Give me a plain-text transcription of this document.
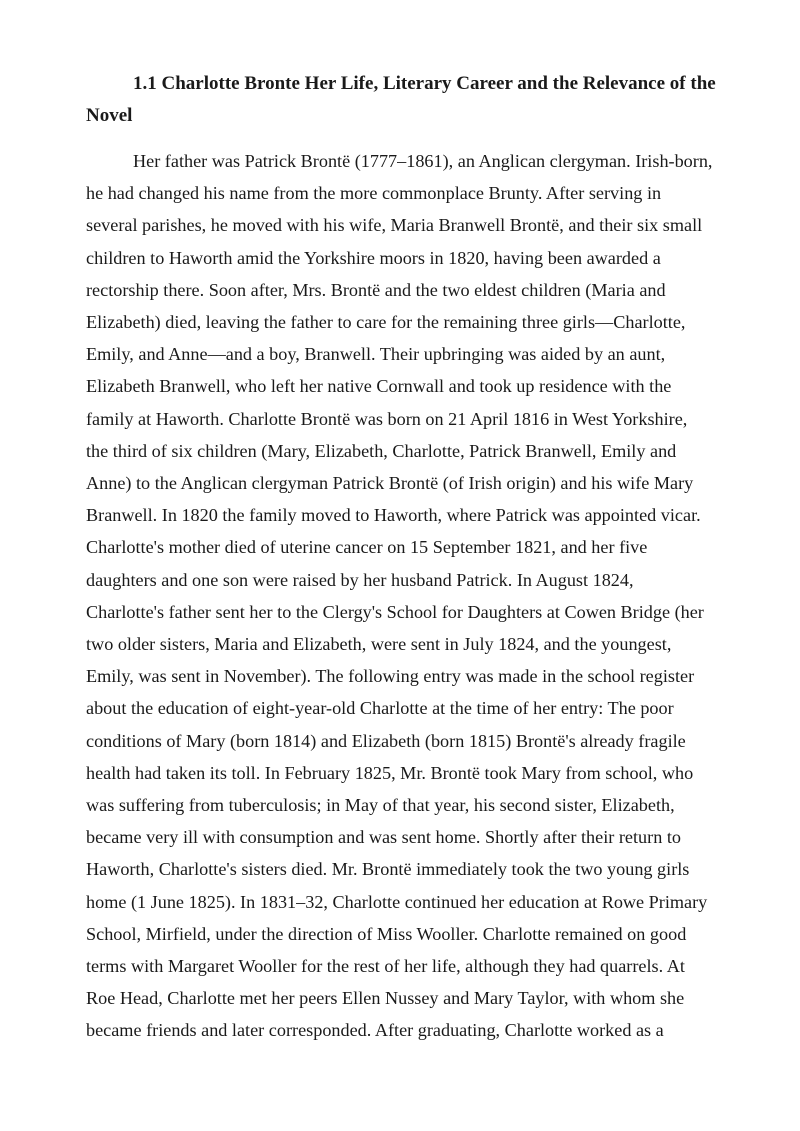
1.1 Charlotte Bronte Her Life, Literary Career and the Relevance of the
Novel

Her father was Patrick Brontë (1777–1861), an Anglican clergyman. Irish-born,
he had changed his name from the more commonplace Brunty. After serving in
several parishes, he moved with his wife, Maria Branwell Brontë, and their six small
children to Haworth amid the Yorkshire moors in 1820, having been awarded a
rectorship there. Soon after, Mrs. Brontë and the two eldest children (Maria and
Elizabeth) died, leaving the father to care for the remaining three girls—Charlotte,
Emily, and Anne—and a boy, Branwell. Their upbringing was aided by an aunt,
Elizabeth Branwell, who left her native Cornwall and took up residence with the
family at Haworth. Charlotte Brontë was born on 21 April 1816 in West Yorkshire,
the third of six children (Mary, Elizabeth, Charlotte, Patrick Branwell, Emily and
Anne) to the Anglican clergyman Patrick Brontë (of Irish origin) and his wife Mary
Branwell. In 1820 the family moved to Haworth, where Patrick was appointed vicar.
Charlotte's mother died of uterine cancer on 15 September 1821, and her five
daughters and one son were raised by her husband Patrick. In August 1824,
Charlotte's father sent her to the Clergy's School for Daughters at Cowen Bridge (her
two older sisters, Maria and Elizabeth, were sent in July 1824, and the youngest,
Emily, was sent in November). The following entry was made in the school register
about the education of eight-year-old Charlotte at the time of her entry: The poor
conditions of Mary (born 1814) and Elizabeth (born 1815) Brontë's already fragile
health had taken its toll. In February 1825, Mr. Brontë took Mary from school, who
was suffering from tuberculosis; in May of that year, his second sister, Elizabeth,
became very ill with consumption and was sent home. Shortly after their return to
Haworth, Charlotte's sisters died. Mr. Brontë immediately took the two young girls
home (1 June 1825). In 1831–32, Charlotte continued her education at Rowe Primary
School, Mirfield, under the direction of Miss Wooller. Charlotte remained on good
terms with Margaret Wooller for the rest of her life, although they had quarrels. At
Roe Head, Charlotte met her peers Ellen Nussey and Mary Taylor, with whom she
became friends and later corresponded. After graduating, Charlotte worked as a
